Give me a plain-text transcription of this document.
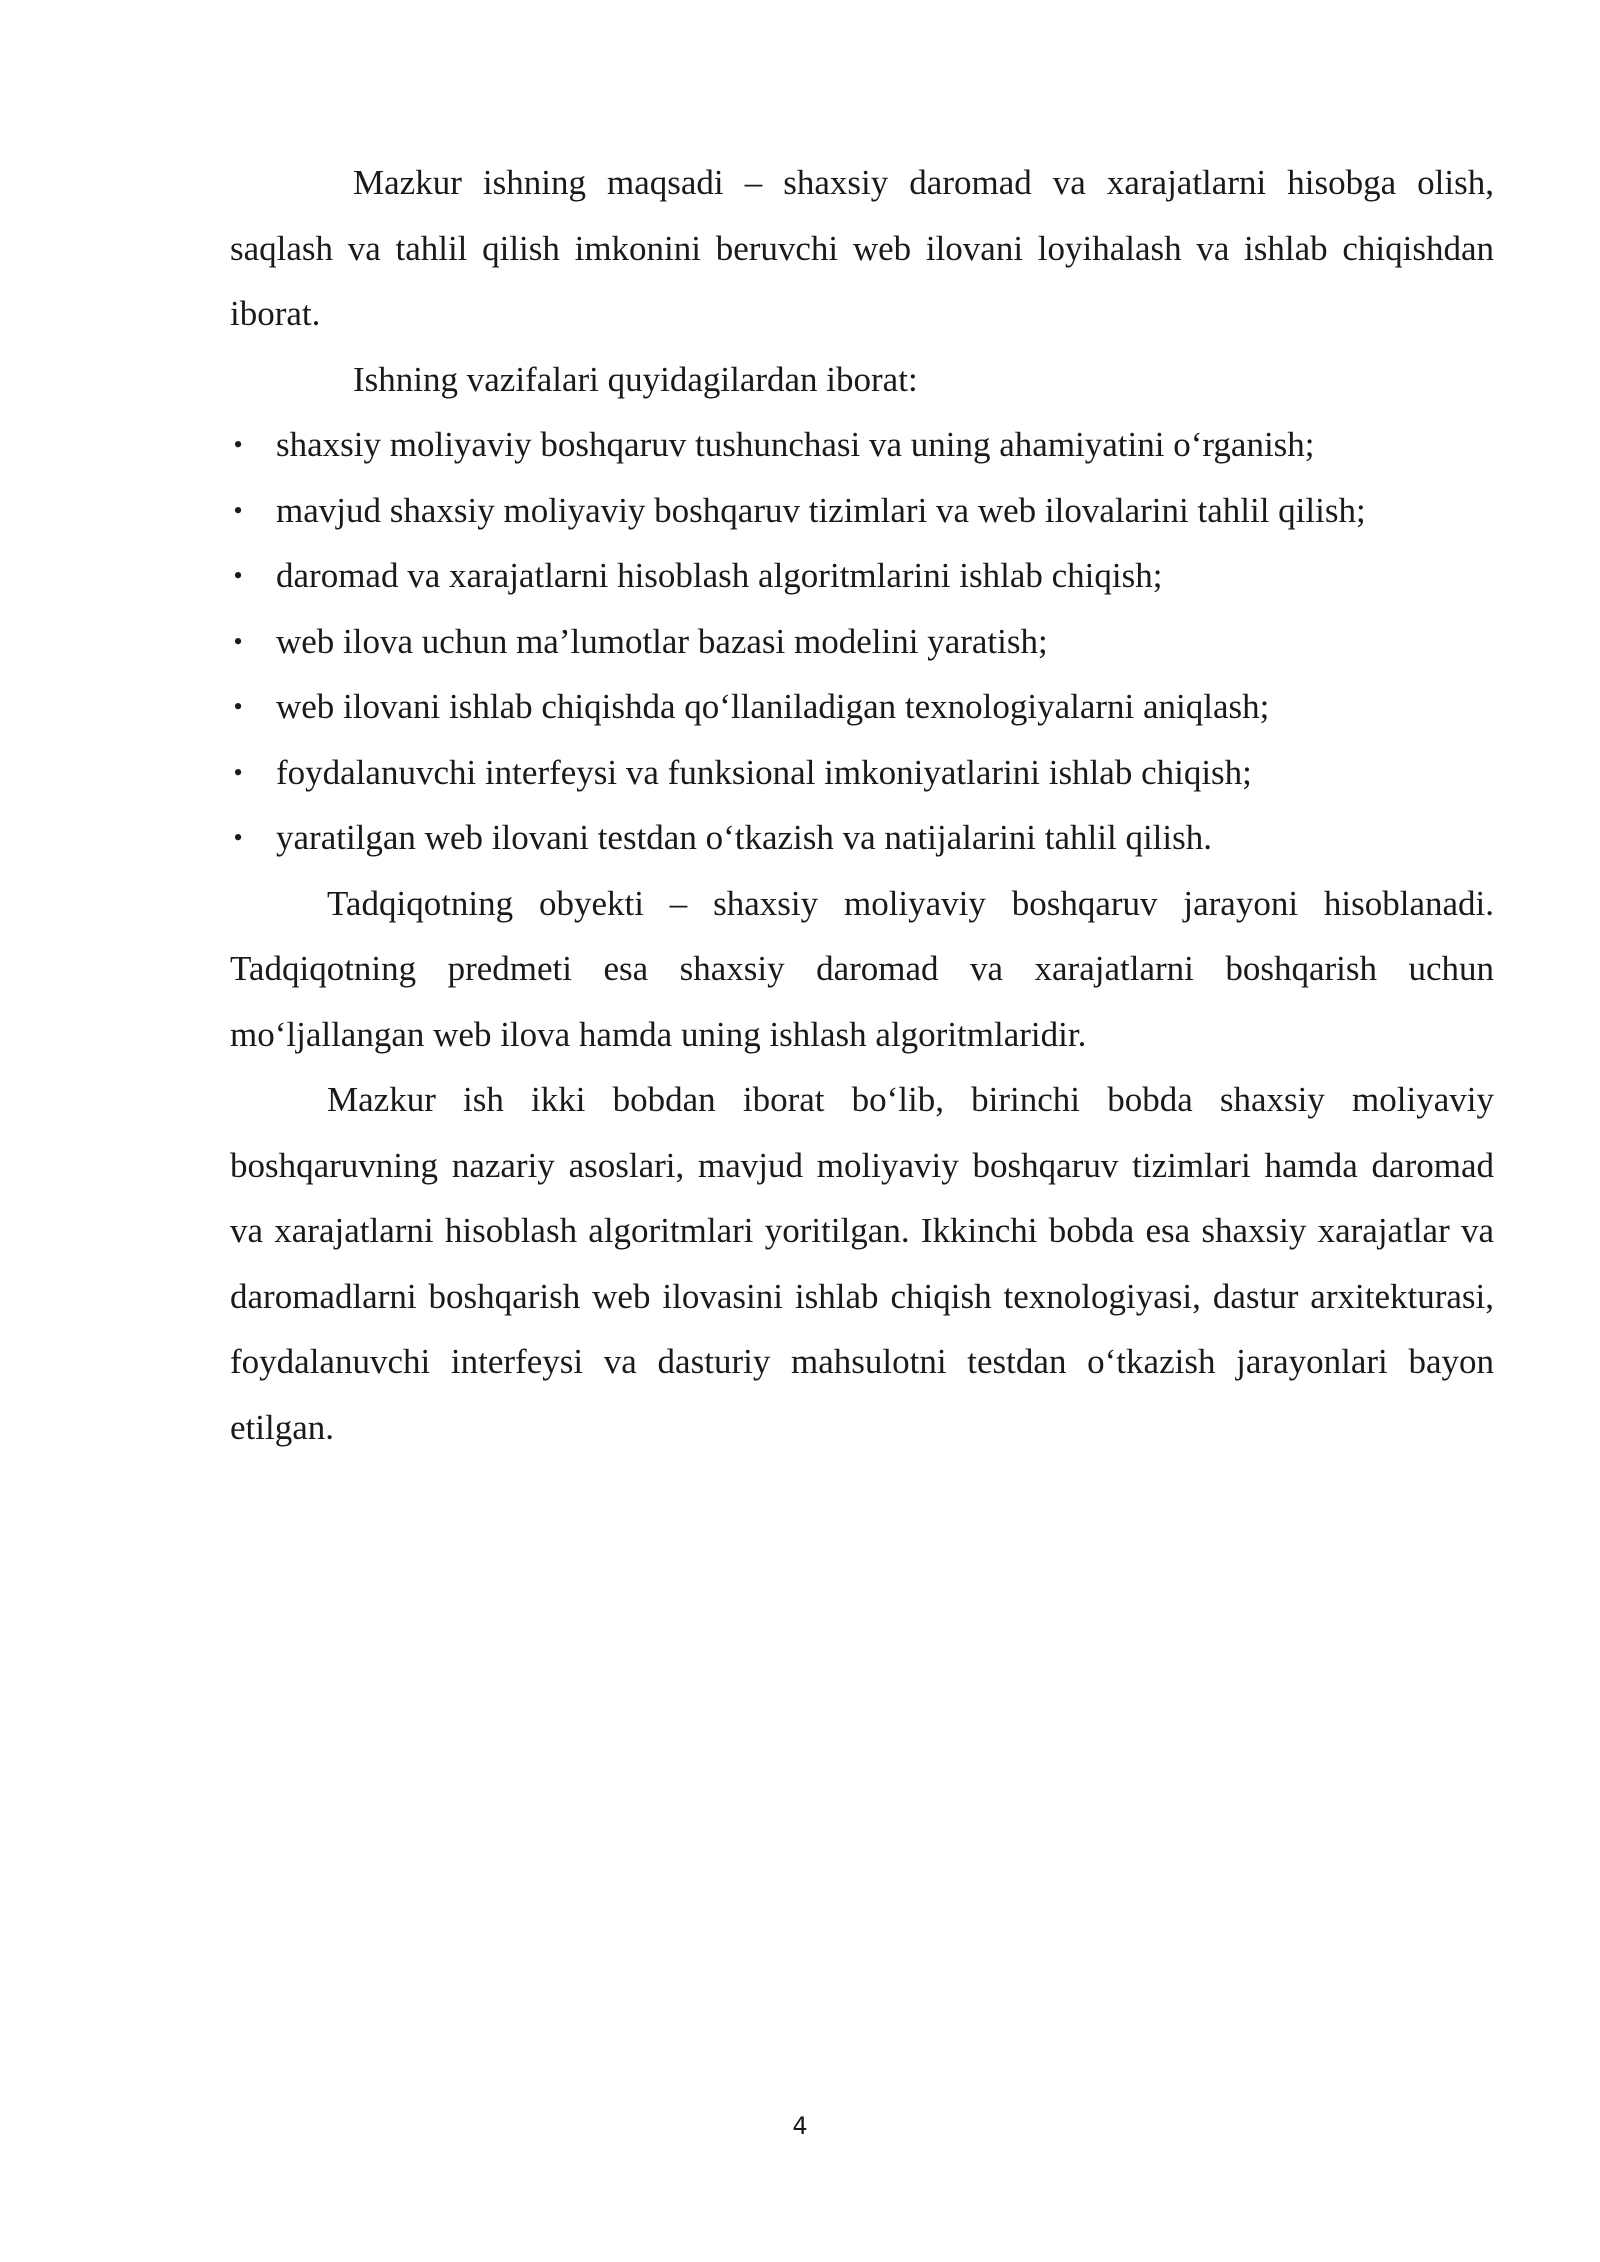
Mazkur ishning maqsadi – shaxsiy daromad va xarajatlarni hisobga olish, saqlash va tahlil qilish imkonini beruvchi web ilovani loyihalash va ishlab chiqishdan iborat.

Ishning vazifalari quyidagilardan iborat:

• shaxsiy moliyaviy boshqaruv tushunchasi va uning ahamiyatini o‘rganish;
• mavjud shaxsiy moliyaviy boshqaruv tizimlari va web ilovalarini tahlil qilish;
• daromad va xarajatlarni hisoblash algoritmlarini ishlab chiqish;
• web ilova uchun ma’lumotlar bazasi modelini yaratish;
• web ilovani ishlab chiqishda qo‘llaniladigan texnologiyalarni aniqlash;
• foydalanuvchi interfeysi va funksional imkoniyatlarini ishlab chiqish;
• yaratilgan web ilovani testdan o‘tkazish va natijalarini tahlil qilish.

Tadqiqotning obyekti – shaxsiy moliyaviy boshqaruv jarayoni hisoblanadi. Tadqiqotning predmeti esa shaxsiy daromad va xarajatlarni boshqarish uchun mo‘ljallangan web ilova hamda uning ishlash algoritmlaridir.

Mazkur ish ikki bobdan iborat bo‘lib, birinchi bobda shaxsiy moliyaviy boshqaruvning nazariy asoslari, mavjud moliyaviy boshqaruv tizimlari hamda daromad va xarajatlarni hisoblash algoritmlari yoritilgan. Ikkinchi bobda esa shaxsiy xarajatlar va daromadlarni boshqarish web ilovasini ishlab chiqish texnologiyasi, dastur arxitekturasi, foydalanuvchi interfeysi va dasturiy mahsulotni testdan o‘tkazish jarayonlari bayon etilgan.

4
